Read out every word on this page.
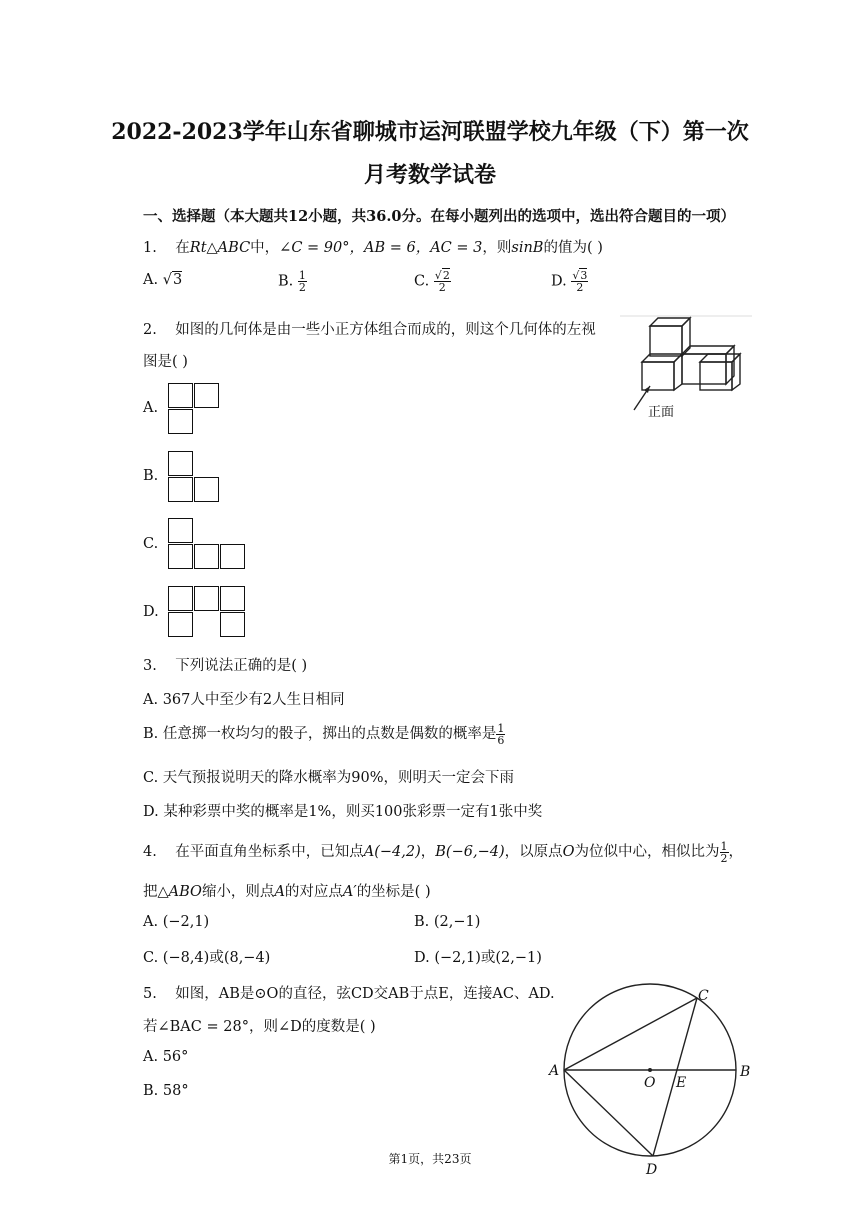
2022-2023学年山东省聊城市运河联盟学校九年级（下）第一次
月考数学试卷
一、选择题（本大题共12小题，共36.0分。在每小题列出的选项中，选出符合题目的一项）
1. 在Rt△ABC中，∠C = 90°，AB = 6，AC = 3，则sinB的值为( )
A. √3	B. $\frac{1}{2}$	C. $\frac{√2}{2}$	D. $\frac{√3}{2}$
2. 如图的几何体是由一些小正方体组合而成的，则这个几何体的左视
图是( )
正面
A.
B.
C.
D.
3. 下列说法正确的是( )
A. 367人中至少有2人生日相同
B. 任意掷一枚均匀的骰子，掷出的点数是偶数的概率是 $\frac{1}{6}$
C. 天气预报说明天的降水概率为90%，则明天一定会下雨
D. 某种彩票中奖的概率是1%，则买100张彩票一定有1张中奖
4. 在平面直角坐标系中，已知点A(−4,2)，B(−6,−4)，以原点O为位似中心，相似比为 $\frac{1}{2}$ ，
把△ABO缩小，则点A的对应点A′的坐标是( )
A. (−2,1)	B. (2,−1)
C. (−8,4)或(8,−4)	D. (−2,1)或(2,−1)
5. 如图，AB是⊙O的直径，弦CD交AB于点E，连接AC、AD.
若∠BAC = 28°，则∠D的度数是( )
A. 56°
B. 58°
A	B
C
D
O E
第1页，共23页
